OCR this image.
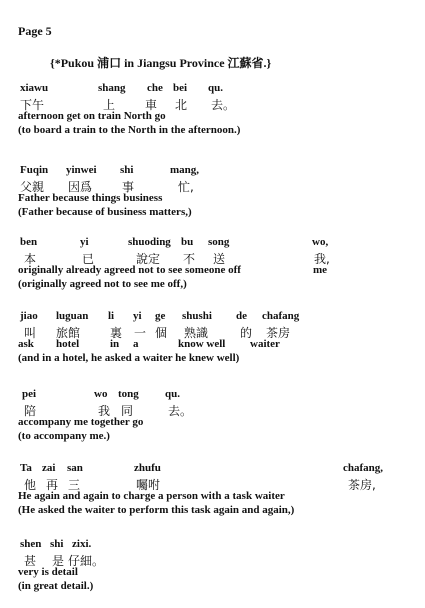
Page 5
{*Pukou 浦口 in Jiangsu Province 江蘇省.}
xiawu	shang che bei qu.
下午	上 車 北 去。
afternoon get on train North go
(to board a train to the North in the afternoon.)
Fuqin yinwei shi	mang,
父親 因爲 事	忙,
Father because things business
(Father because of business matters,)
ben	yi	shuoding bu song	wo,
本	已	說定 不 送	我,
originally already agreed not to see someone off	me
(originally agreed not to see me off,)
jiao luguan li yi ge shushi de chafang
叫 旅館 裏 一 個 熟識	的 茶房
ask hotel	in a	know well waiter
(and in a hotel, he asked a waiter he knew well)
pei	wo tong qu.
陪	我 同	去。
accompany me together go
(to accompany me.)
Ta zai san	zhufu	chafang,
他 再 三	囑咐	茶房,
He again and again to charge a person with a task waiter
(He asked the waiter to perform this task again and again,)
shen shi zixi.
甚 是 仔細。
very is detail
(in great detail.)
